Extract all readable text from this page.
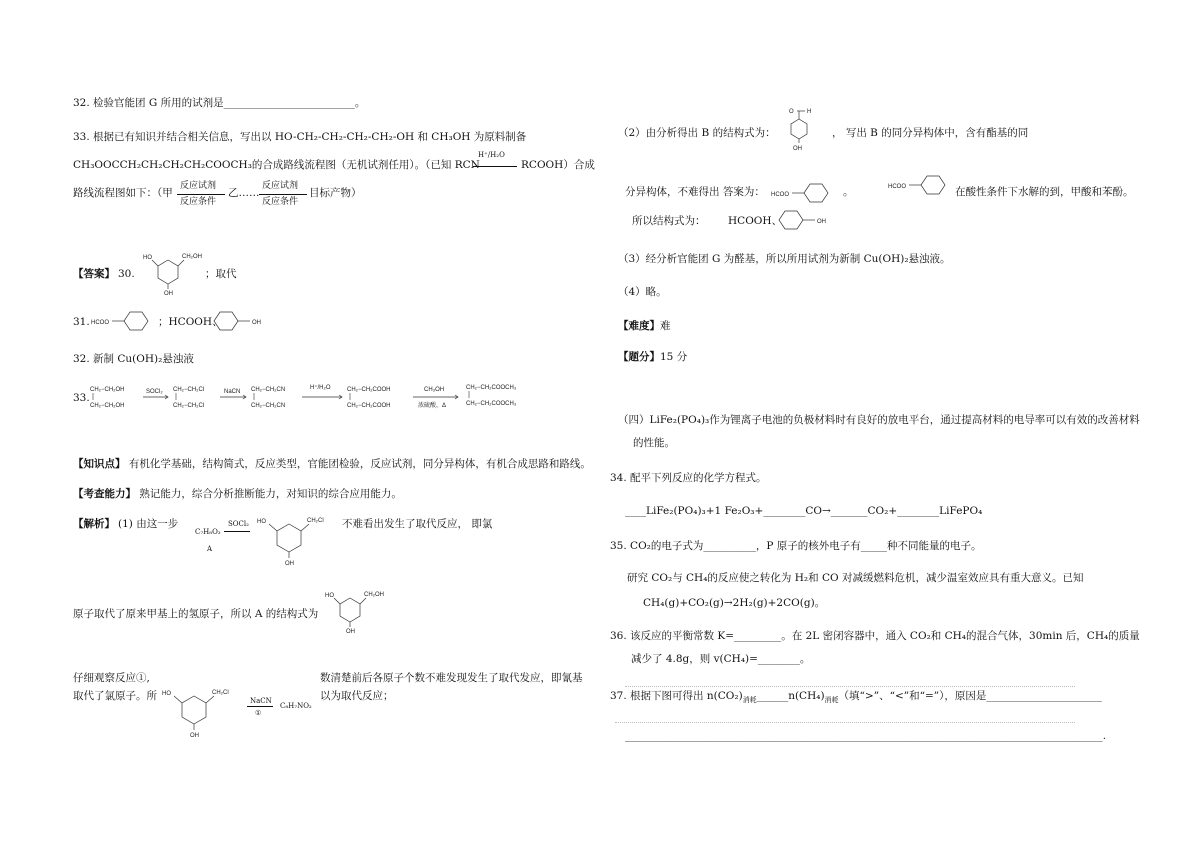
32. 检验官能团 G 所用的试剂是_________________________。
33. 根据已有知识并结合相关信息，写出以 HO-CH₂-CH₂-CH₂-CH₂-OH 和 CH₃OH 为原料制备
CH₃OOCCH₂CH₂CH₂CH₂COOCH₃的合成路线流程图（无机试剂任用）。（已知 RCN
H⁺/H₂O
RCOOH）合成
路线流程图如下：（甲
反应试剂
反应条件
乙……
反应试剂
反应条件
目标产物）
【答案】 30.
HO	CH₂OH
OH
；取代
31. HCOO	；HCOOH、	OH
32. 新制 Cu(OH)₂悬浊液
33.
CH₂−CH₂OH
CH₂−CH₂OH
SOCl₂ CH₂−CH₂Cl
CH₂−CH₂Cl
NaCN CH₂−CH₂CN
CH₂−CH₂CN
H⁺/H₂O	CH₂−CH₂COOH
CH₂−CH₂COOH
CH₃OH
浓硫酸，Δ
CH₂−CH₂COOCH₃
CH₂−CH₂COOCH₃
【知识点】 有机化学基础，结构简式，反应类型，官能团检验，反应试剂，同分异构体，有机合成思路和路线。
【考查能力】 熟记能力，综合分析推断能力，对知识的综合应用能力。
【解析】 (1) 由这一步
C₇H₈O₃
A
SOCl₂ HO	CH₂Cl
OH
不难看出发生了取代反应， 即氯
原子取代了原来甲基上的氢原子，所以 A 的结构式为
HO	CH₂OH
OH
仔细观察反应①,
取代了氯原子。所 HO	CH₂Cl
OH
NaCN
①
C₈H₇NO₂
数清楚前后各原子个数不难发现发生了取代发应，即氰基
以为取代反应；
O H
OH
（2）由分析得出 B 的结构式为：	， 写出 B 的同分异构体中，含有酯基的同
分异构体，不难得出 答案为： HCOO	。	HCOO	在酸性条件下水解的到，甲酸和苯酚。
所以结构式为： HCOOH、	OH
（3）经分析官能团 G 为醛基，所以所用试剂为新制 Cu(OH)₂悬浊液。
（4）略。
【难度】难
【题分】15 分
（四）LiFe₂(PO₄)₃作为锂离子电池的负极材料时有良好的放电平台，通过提高材料的电导率可以有效的改善材料
的性能。
34. 配平下列反应的化学方程式。
____LiFe₂(PO₄)₃+1 Fe₂O₃+________CO→_______CO₂+________LiFePO₄
35. CO₂的电子式为__________，P 原子的核外电子有_____种不同能量的电子。
研究 CO₂与 CH₄的反应使之转化为 H₂和 CO 对减缓燃料危机，减少温室效应具有重大意义。已知
CH₄(g)+CO₂(g)→2H₂(g)+2CO(g)。
36. 该反应的平衡常数 K=_________。在 2L 密闭容器中，通入 CO₂和 CH₄的混合气体，30min 后，CH₄的质量
减少了 4.8g，则 v(CH₄)=________。
37. 根据下图可得出 $n(CO_2)_{消耗}\_\_\_\_\_\_n(CH_4)_{消耗}$（填“>”、“<”和“=”），原因是______________________
___________________________________________________________________________________________.
